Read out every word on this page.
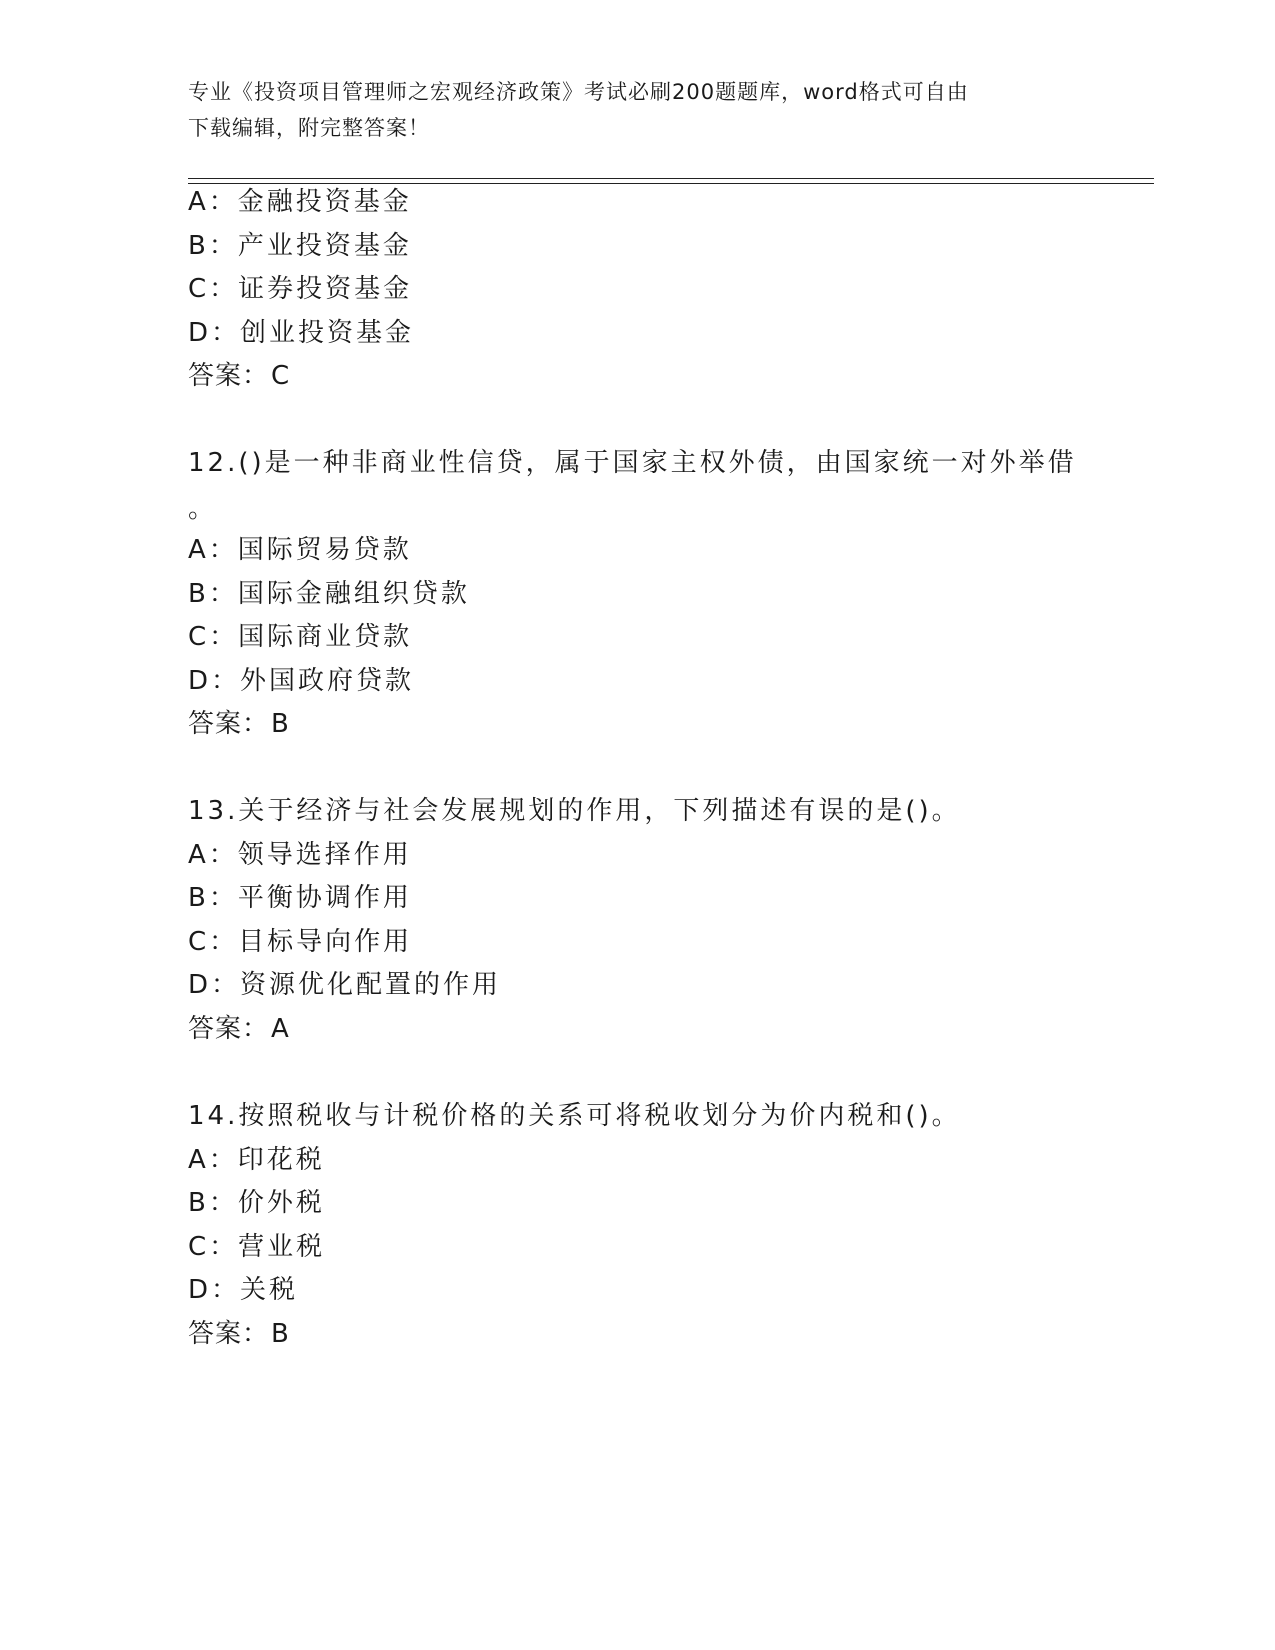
专业《投资项目管理师之宏观经济政策》考试必刷200题题库，word格式可自由
下载编辑，附完整答案！
A：金融投资基金
B：产业投资基金
C：证券投资基金
D：创业投资基金
答案：C
12.()是一种非商业性信贷，属于国家主权外债，由国家统一对外举借
。
A：国际贸易贷款
B：国际金融组织贷款
C：国际商业贷款
D：外国政府贷款
答案：B
13.关于经济与社会发展规划的作用，下列描述有误的是()。
A：领导选择作用
B：平衡协调作用
C：目标导向作用
D：资源优化配置的作用
答案：A
14.按照税收与计税价格的关系可将税收划分为价内税和()。
A：印花税
B：价外税
C：营业税
D：关税
答案：B
